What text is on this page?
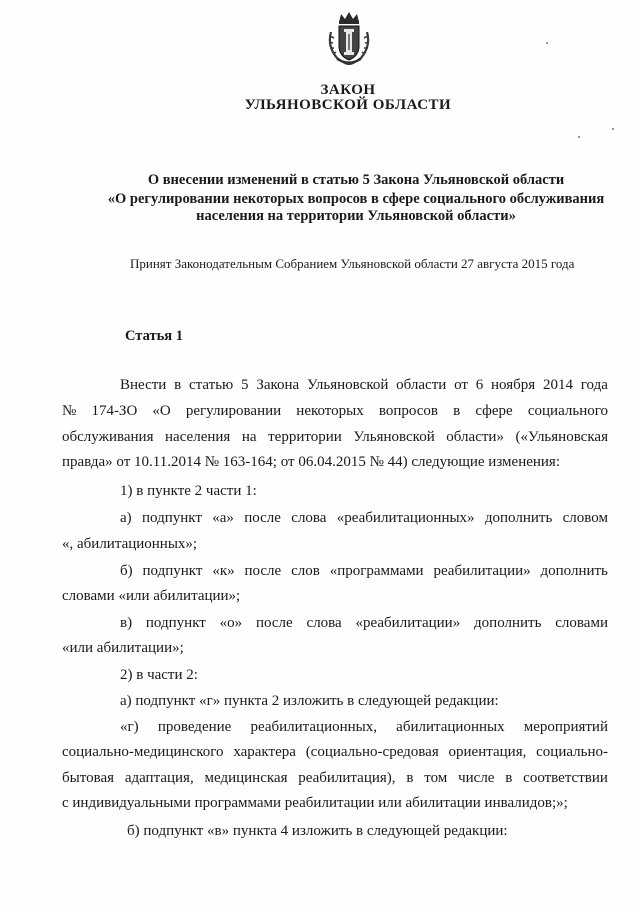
ЗАКОН
УЛЬЯНОВСКОЙ ОБЛАСТИ
О внесении изменений в статью 5 Закона Ульяновской области
«О регулировании некоторых вопросов в сфере социального обслуживания
населения на территории Ульяновской области»
Принят Законодательным Собранием Ульяновской области 27 августа 2015 года
Статья 1
Внести в статью 5 Закона Ульяновской области от 6 ноября 2014 года
№ 174-ЗО «О регулировании некоторых вопросов в сфере социального
обслуживания населения на территории Ульяновской области» («Ульяновская
правда» от 10.11.2014 № 163-164; от 06.04.2015 № 44) следующие изменения:
1) в пункте 2 части 1:
а) подпункт «а» после слова «реабилитационных» дополнить словом
«, абилитационных»;
б) подпункт «к» после слов «программами реабилитации» дополнить
словами «или абилитации»;
в) подпункт «о» после слова «реабилитации» дополнить словами
«или абилитации»;
2) в части 2:
а) подпункт «г» пункта 2 изложить в следующей редакции:
«г) проведение реабилитационных, абилитационных мероприятий
социально-медицинского характера (социально-средовая ориентация, социально-
бытовая адаптация, медицинская реабилитация), в том числе в соответствии
с индивидуальными программами реабилитации или абилитации инвалидов;»;
б) подпункт «в» пункта 4 изложить в следующей редакции:
